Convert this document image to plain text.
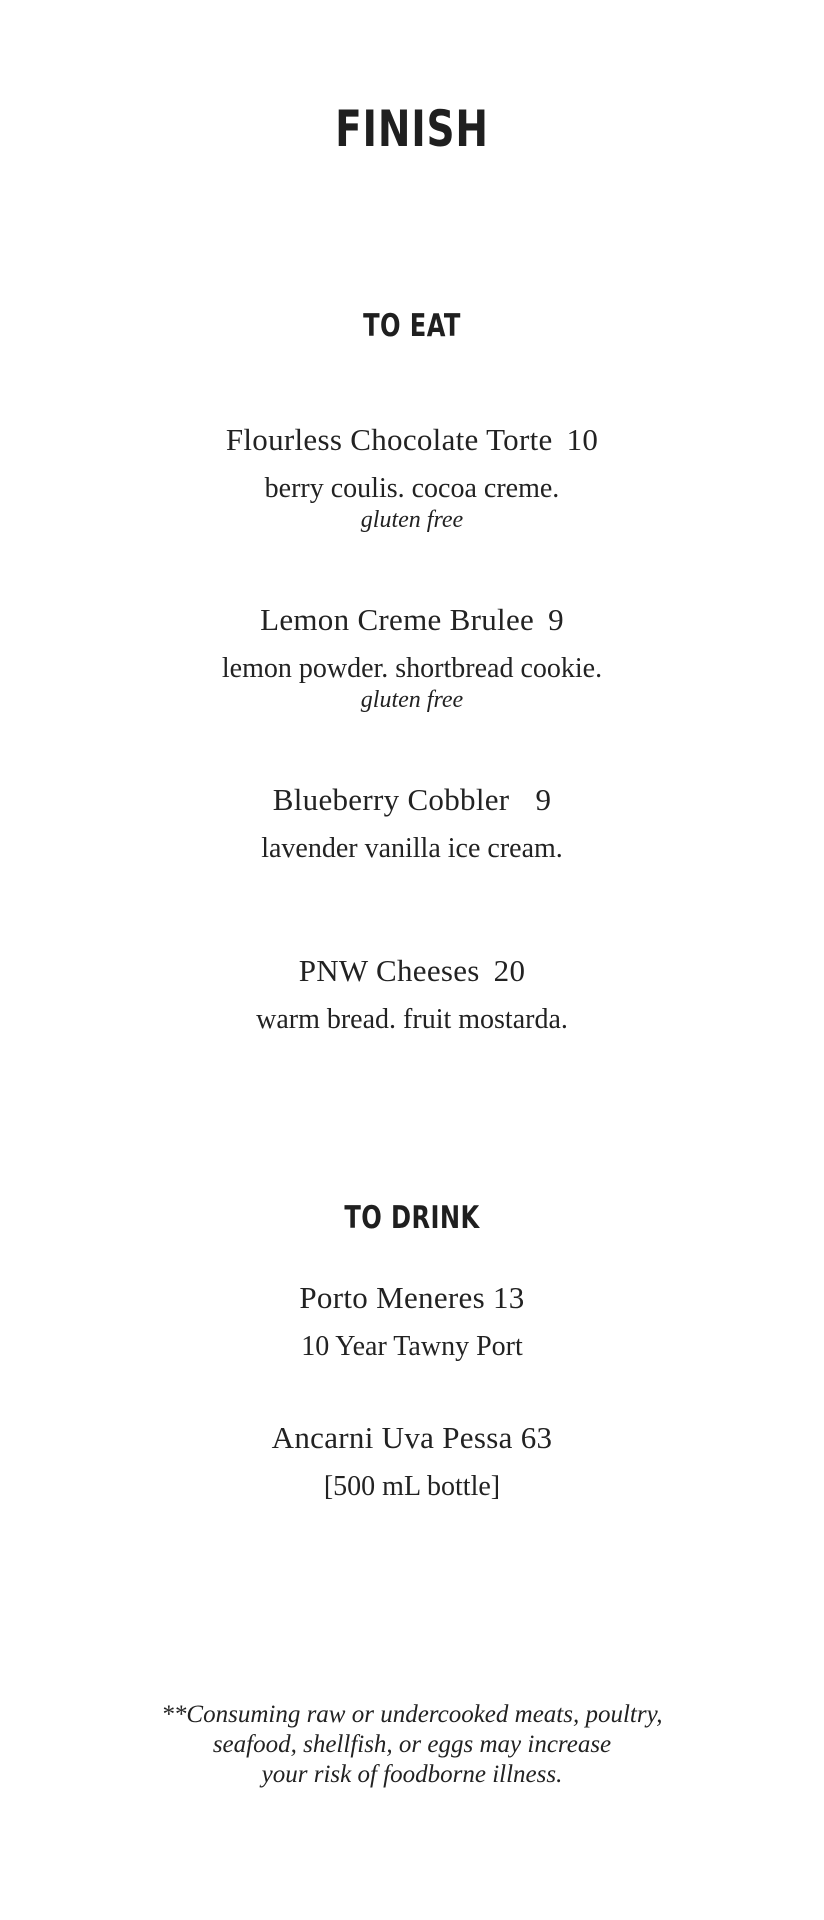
FINISH
TO EAT
Flourless Chocolate Torte 10
berry coulis. cocoa creme.
gluten free
Lemon Creme Brulee 9
lemon powder. shortbread cookie.
gluten free
Blueberry Cobbler 9
lavender vanilla ice cream.
PNW Cheeses 20
warm bread. fruit mostarda.
TO DRINK
Porto Meneres 13
10 Year Tawny Port
Ancarni Uva Pessa 63
[500 mL bottle]
**Consuming raw or undercooked meats, poultry,
seafood, shellfish, or eggs may increase
your risk of foodborne illness.
